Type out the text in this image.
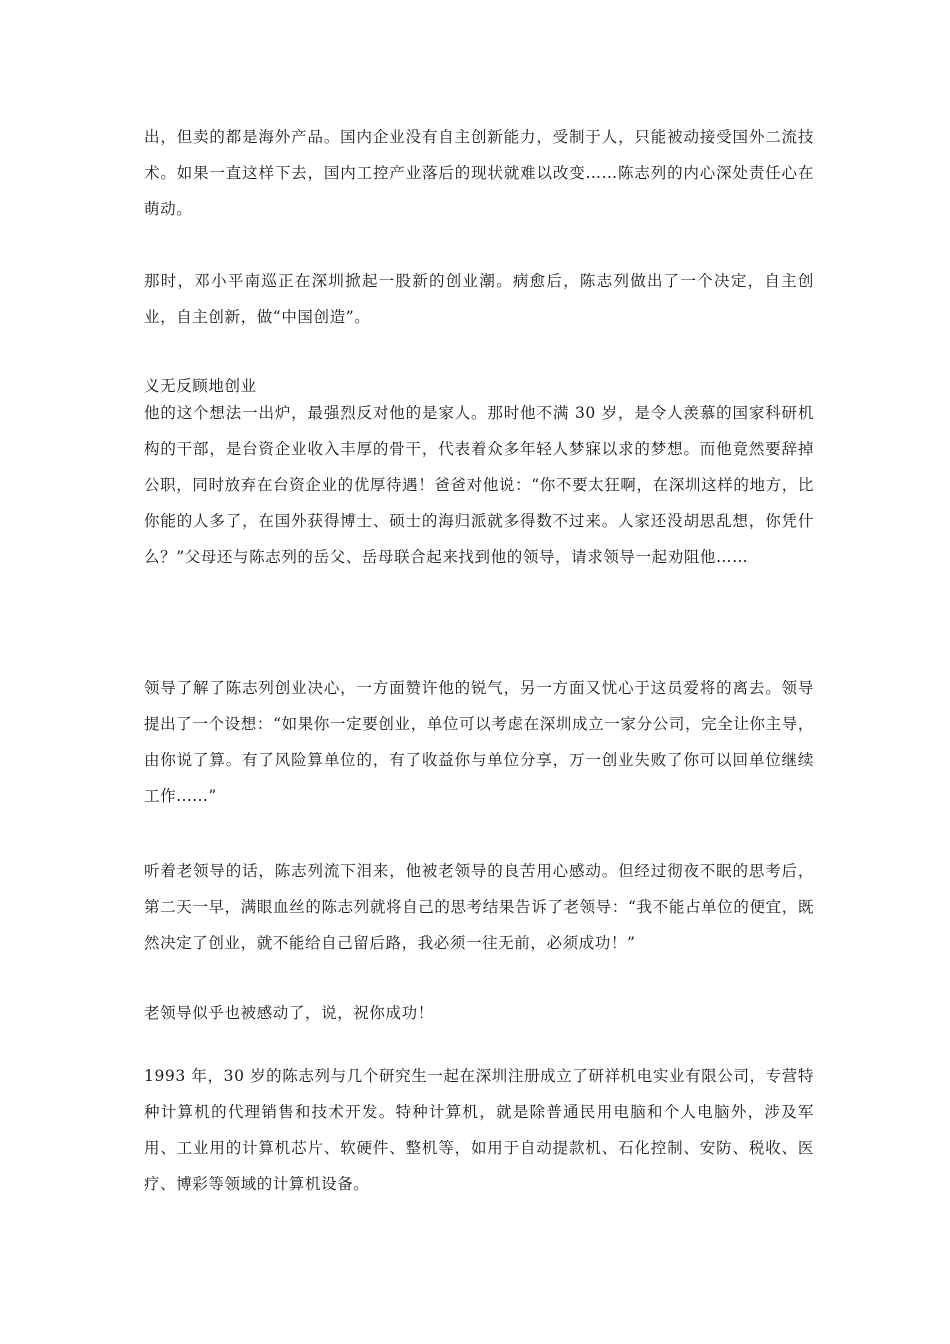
出，但卖的都是海外产品。国内企业没有自主创新能力，受制于人，只能被动接受国外二流技术。如果一直这样下去，国内工控产业落后的现状就难以改变……陈志列的内心深处责任心在萌动。

那时，邓小平南巡正在深圳掀起一股新的创业潮。病愈后，陈志列做出了一个决定，自主创业，自主创新，做“中国创造”。

义无反顾地创业

他的这个想法一出炉，最强烈反对他的是家人。那时他不满 30 岁，是令人羡慕的国家科研机构的干部，是台资企业收入丰厚的骨干，代表着众多年轻人梦寐以求的梦想。而他竟然要辞掉公职，同时放弃在台资企业的优厚待遇！爸爸对他说：“你不要太狂啊，在深圳这样的地方，比你能的人多了，在国外获得博士、硕士的海归派就多得数不过来。人家还没胡思乱想，你凭什么？”父母还与陈志列的岳父、岳母联合起来找到他的领导，请求领导一起劝阻他……

领导了解了陈志列创业决心，一方面赞许他的锐气，另一方面又忧心于这员爱将的离去。领导提出了一个设想：“如果你一定要创业，单位可以考虑在深圳成立一家分公司，完全让你主导，由你说了算。有了风险算单位的，有了收益你与单位分享，万一创业失败了你可以回单位继续工作……”

听着老领导的话，陈志列流下泪来，他被老领导的良苦用心感动。但经过彻夜不眠的思考后，第二天一早，满眼血丝的陈志列就将自己的思考结果告诉了老领导：“我不能占单位的便宜，既然决定了创业，就不能给自己留后路，我必须一往无前，必须成功！”

老领导似乎也被感动了，说，祝你成功！

1993 年，30 岁的陈志列与几个研究生一起在深圳注册成立了研祥机电实业有限公司，专营特种计算机的代理销售和技术开发。特种计算机，就是除普通民用电脑和个人电脑外，涉及军用、工业用的计算机芯片、软硬件、整机等，如用于自动提款机、石化控制、安防、税收、医疗、博彩等领域的计算机设备。
